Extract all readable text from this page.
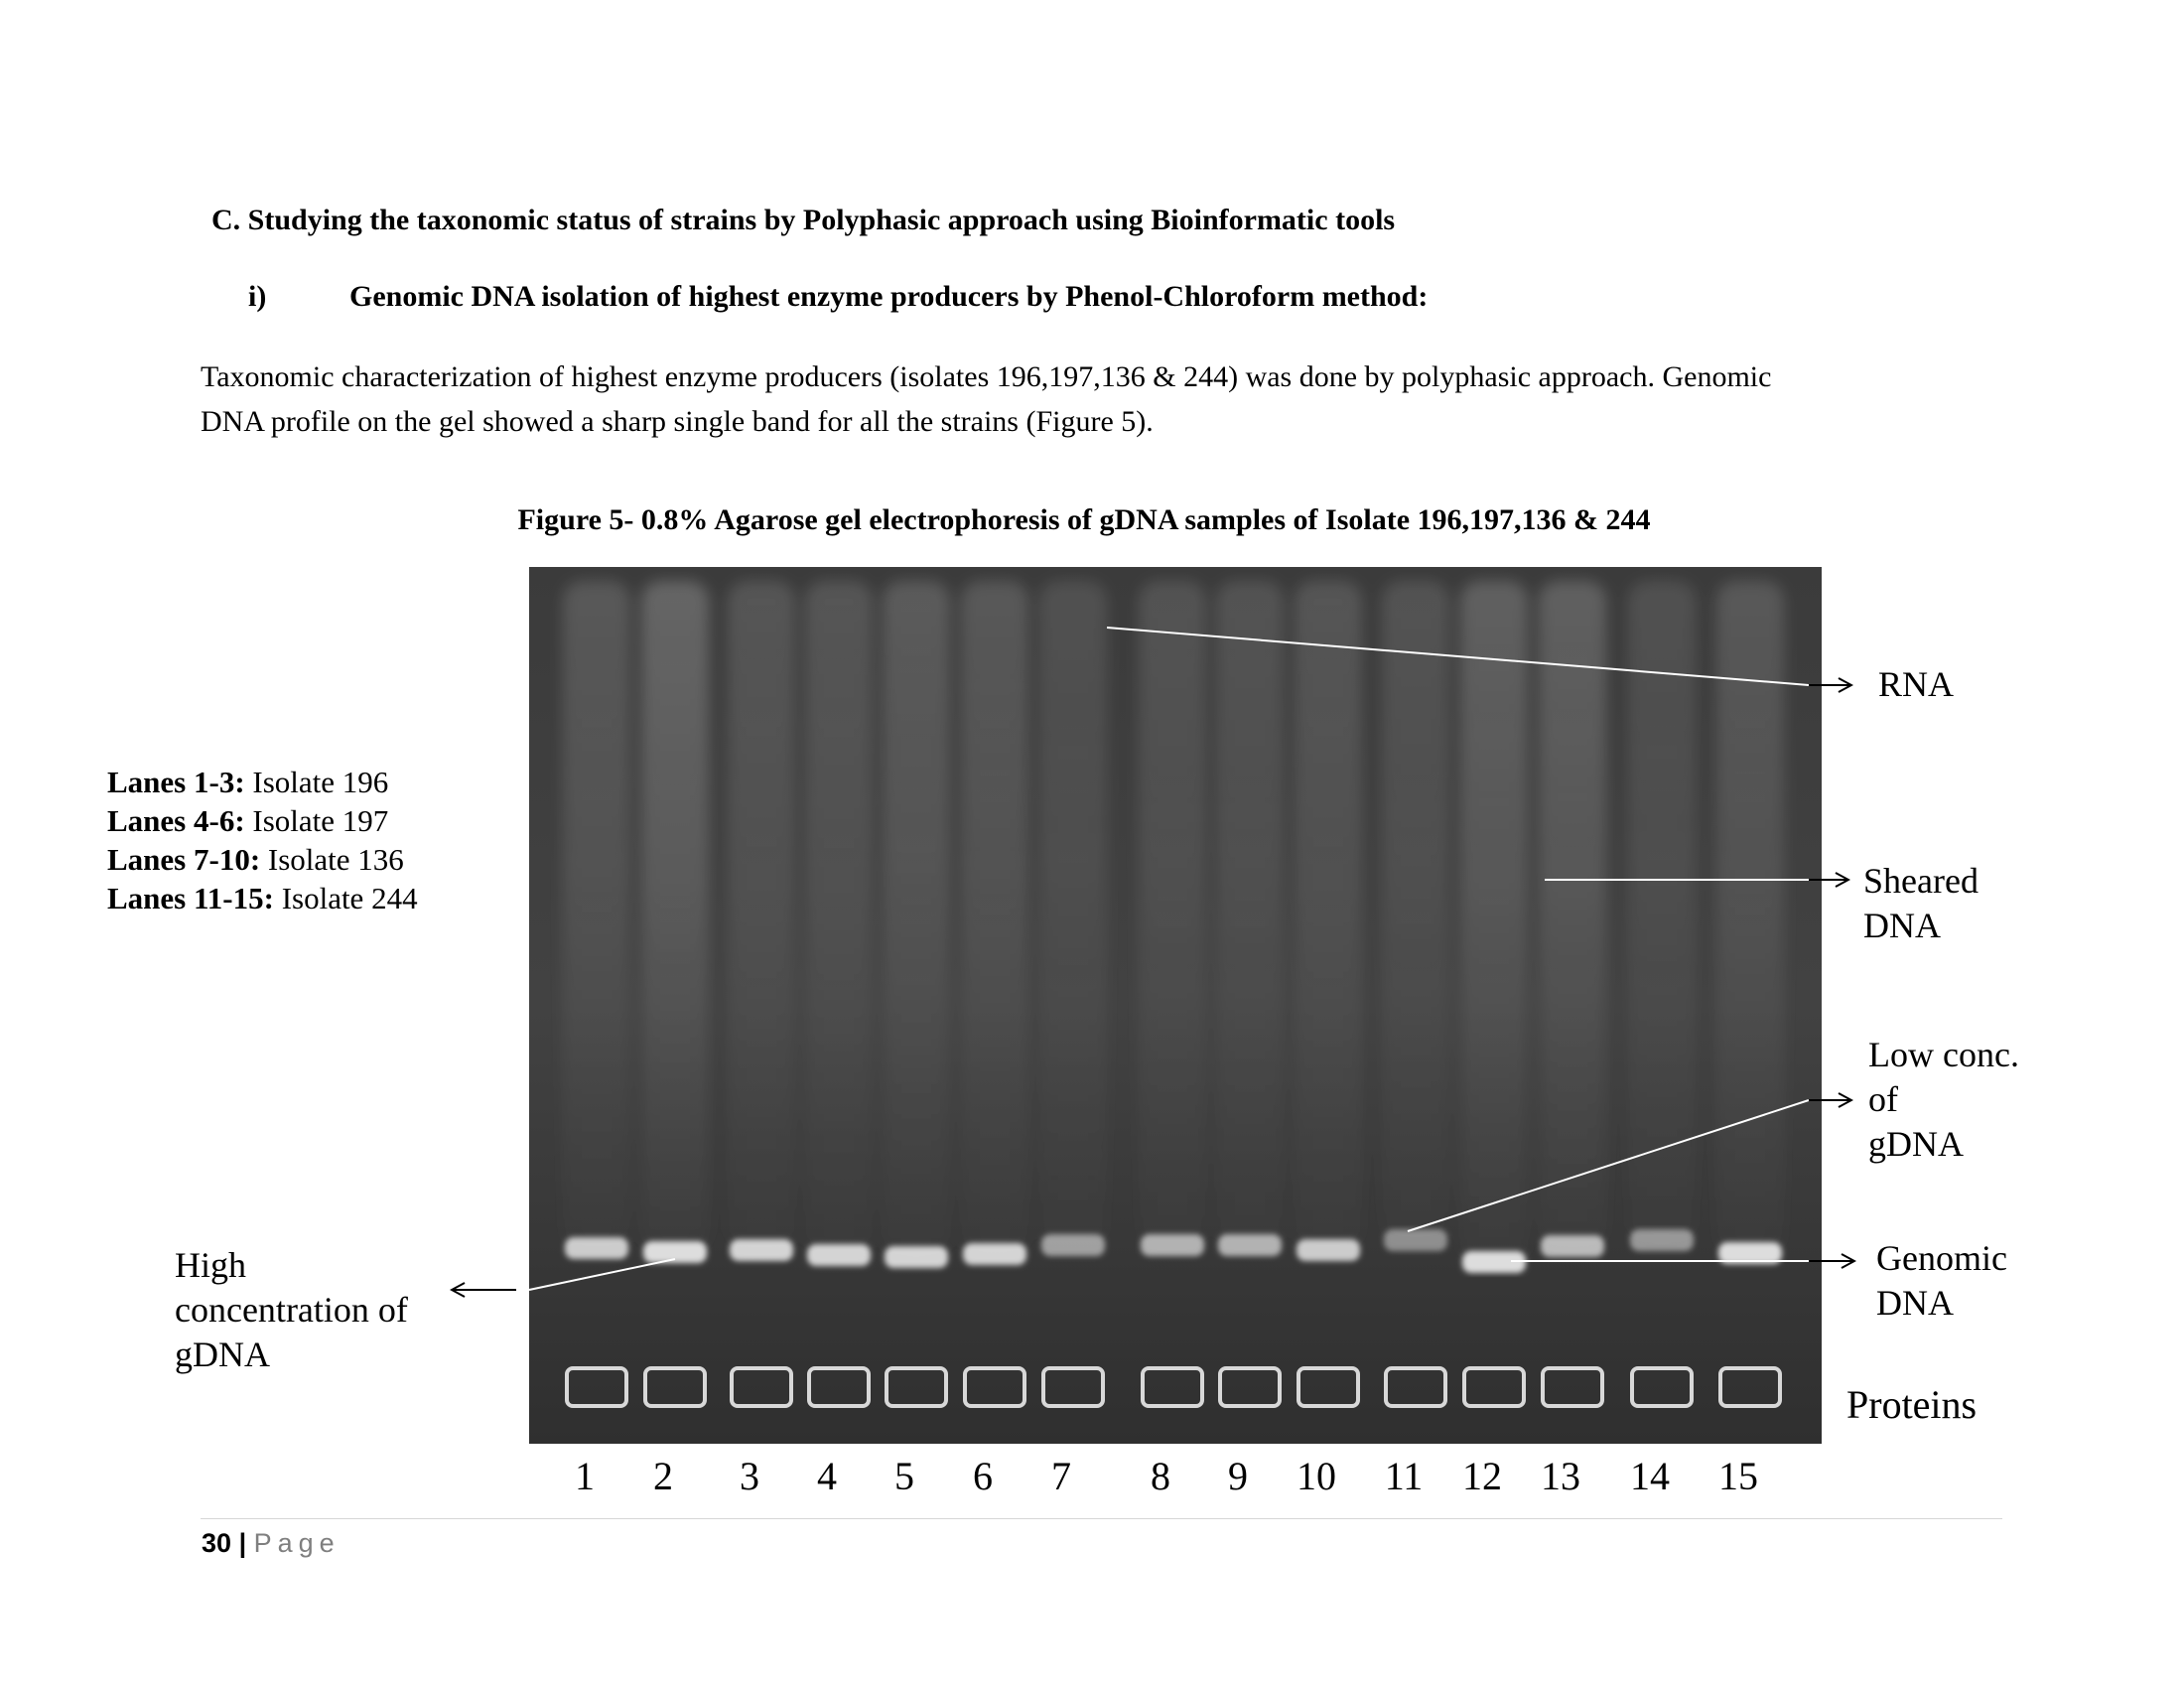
C. Studying the taxonomic status of strains by Polyphasic approach using Bioinformatic tools
i)	Genomic DNA isolation of highest enzyme producers by Phenol-Chloroform method:
Taxonomic characterization of highest enzyme producers (isolates 196,197,136 & 244) was done by polyphasic approach. Genomic
DNA profile on the gel showed a sharp single band for all the strains (Figure 5).
Figure 5- 0.8% Agarose gel electrophoresis of gDNA samples of Isolate 196,197,136 & 244
Lanes 1-3: Isolate 196
Lanes 4-6: Isolate 197
Lanes 7-10: Isolate 136
Lanes 11-15: Isolate 244
RNA
Sheared
DNA
Low conc.
of
gDNA
Genomic
DNA
Proteins
High
concentration of
gDNA
1 2 3 4 5 6 7 8 9 10 11 12 13 14 15
30 | Page
